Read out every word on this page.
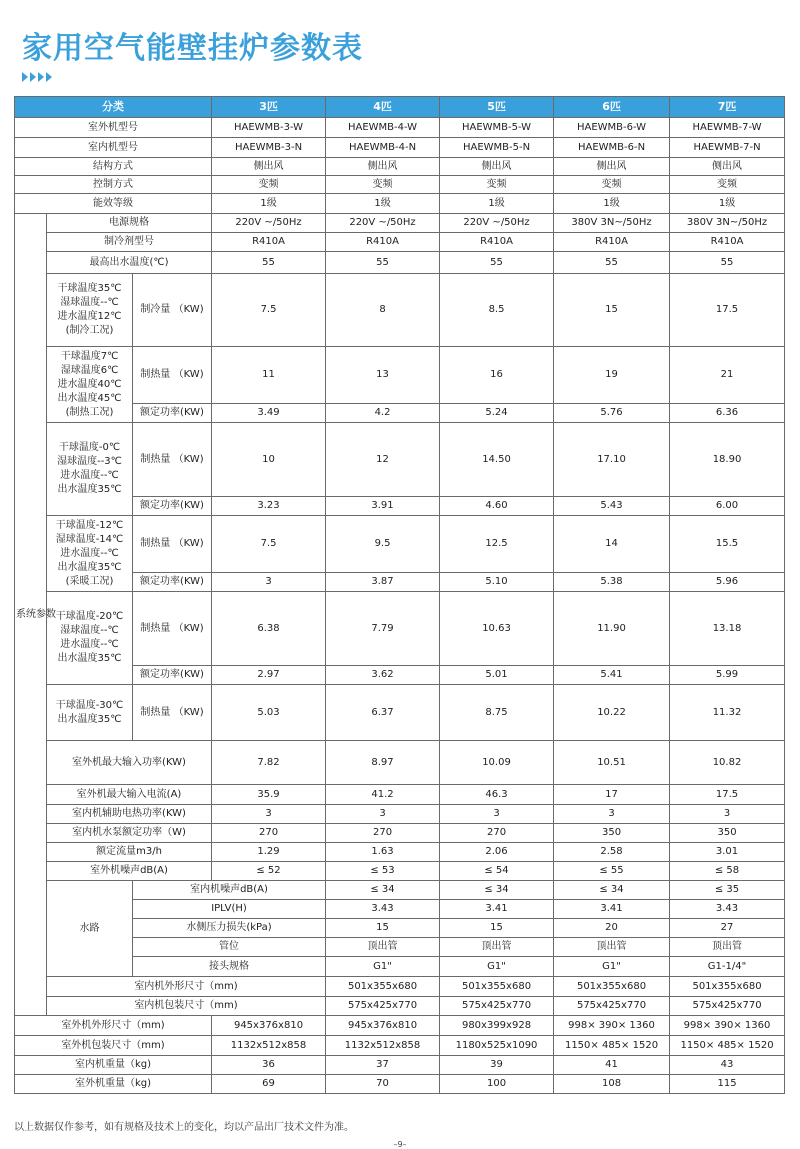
家用空气能壁挂炉参数表
分类			3匹	4匹	5匹	6匹	7匹	
室外机型号			HAEWMB-3-W	HAEWMB-4-W	HAEWMB-5-W	HAEWMB-6-W	HAEWMB-7-W	
室内机型号			HAEWMB-3-N	HAEWMB-4-N	HAEWMB-5-N	HAEWMB-6-N	HAEWMB-7-N	
结构方式			侧出风	侧出风	侧出风	侧出风	侧出风	
控制方式			变频	变频	变频	变频	变频	
能效等级			1级	1级	1级	1级	1级	
系统参数	电源规格		220V ~/50Hz	220V ~/50Hz	220V ~/50Hz	380V 3N~/50Hz	380V 3N~/50Hz	
	制冷剂型号		R410A	R410A	R410A	R410A	R410A	
	最高出水温度(℃)		55	55	55	55	55	

	干球温度35℃
湿球温度--℃
进水温度12℃
(制冷工况)	制冷量 （KW)	7.5	8	8.5	15	17.5	

	干球温度7℃
湿球温度6℃
进水温度40℃
出水温度45℃
(制热工况)	制热量 （KW)	11	13	16	19	21	
		额定功率(KW)	3.49	4.2	5.24	5.76	6.36	

	干球温度-0℃
湿球温度--3℃
进水温度--℃
出水温度35℃	制热量 （KW)	10	12	14.50	17.10	18.90	
		额定功率(KW)	3.23	3.91	4.60	5.43	6.00	

	干球温度-12℃
湿球温度-14℃
进水温度--℃
出水温度35℃
(采暖工况)	制热量 （KW)	7.5	9.5	12.5	14	15.5	
		额定功率(KW)	3	3.87	5.10	5.38	5.96	

	干球温度-20℃
湿球温度--℃
进水温度--℃
出水温度35℃	制热量 （KW)	6.38	7.79	10.63	11.90	13.18	
		额定功率(KW)	2.97	3.62	5.01	5.41	5.99	

	干球温度-30℃
出水温度35℃	制热量 （KW)	5.03	6.37	8.75	10.22	11.32	
	室外机最大输入功率(KW)		7.82	8.97	10.09	10.51	10.82	
	室外机最大输入电流(A)		35.9	41.2	46.3	17	17.5	
	室内机辅助电热功率(KW)		3	3	3	3	3	
	室内机水泵额定功率（W)		270	270	270	350	350	
	额定流量m3/h		1.29	1.63	2.06	2.58	3.01	
	室外机噪声dB(A)		≤ 52	≤ 53	≤ 54	≤ 55	≤ 58	
	水路	室内机噪声dB(A)		≤ 34	≤ 34	≤ 34	≤ 35	
		IPLV(H)		3.43	3.41	3.41	3.43	
		水侧压力损失(kPa)		15	15	20	27	
		管位		顶出管	顶出管	顶出管	顶出管	
		接头规格		G1"	G1"	G1"	G1-1/4"	
	室内机外形尺寸（mm)			501x355x680	501x355x680	501x355x680	501x355x680	
	室内机包装尺寸（mm)			575x425x770	575x425x770	575x425x770	575x425x770	
室外机外形尺寸（mm)			945x376x810	945x376x810	980x399x928	998× 390× 1360	998× 390× 1360	
室外机包装尺寸（mm)			1132x512x858	1132x512x858	1180x525x1090	1150× 485× 1520	1150× 485× 1520	
室内机重量（kg)			36	37	39	41	43	
室外机重量（kg)			69	70	100	108	115	

以上数据仅作参考，如有规格及技术上的变化，均以产品出厂技术文件为准。

–9–
